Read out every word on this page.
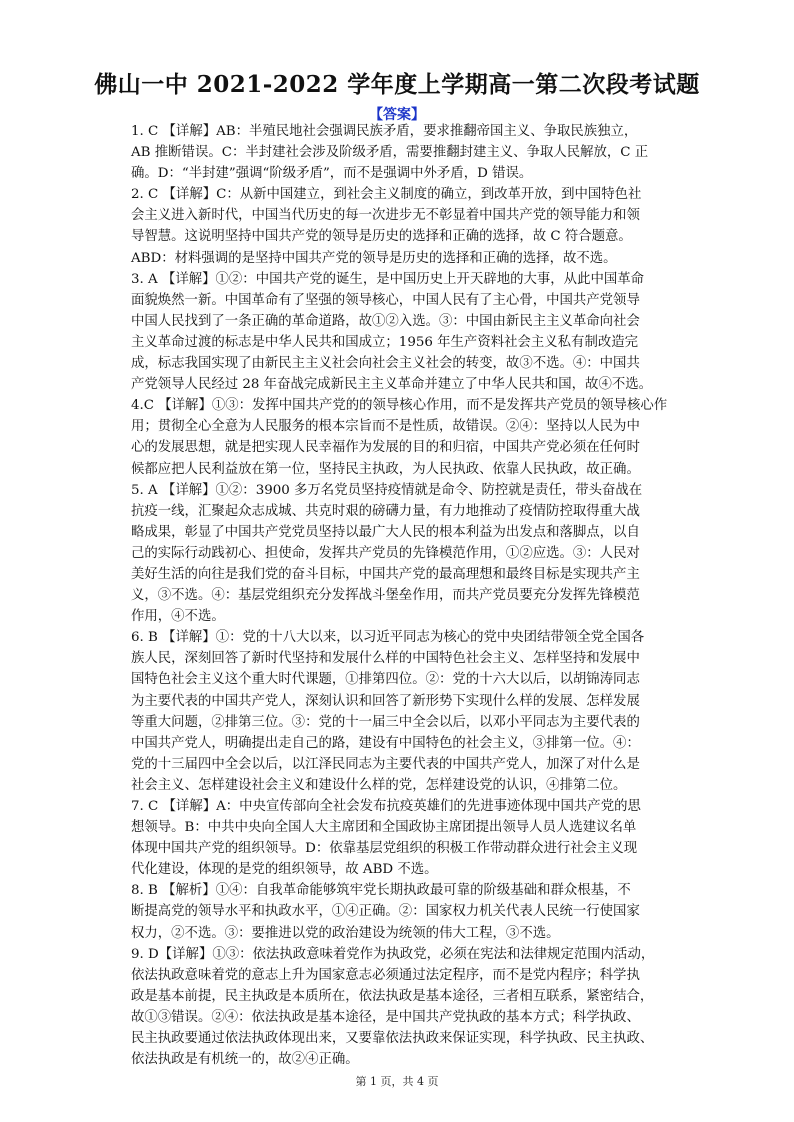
佛山一中 2021-2022 学年度上学期高一第二次段考试题
【答案】
1. C 【详解】AB：半殖民地社会强调民族矛盾，要求推翻帝国主义、争取民族独立，
AB 推断错误。C：半封建社会涉及阶级矛盾，需要推翻封建主义、争取人民解放，C 正
确。D：“半封建”强调“阶级矛盾”，而不是强调中外矛盾，D 错误。
2. C 【详解】C：从新中国建立，到社会主义制度的确立，到改革开放，到中国特色社
会主义进入新时代，中国当代历史的每一次进步无不彰显着中国共产党的领导能力和领
导智慧。这说明坚持中国共产党的领导是历史的选择和正确的选择，故 C 符合题意。
ABD：材料强调的是坚持中国共产党的领导是历史的选择和正确的选择，故不选。
3. A 【详解】①②：中国共产党的诞生，是中国历史上开天辟地的大事，从此中国革命
面貌焕然一新。中国革命有了坚强的领导核心，中国人民有了主心骨，中国共产党领导
中国人民找到了一条正确的革命道路，故①②入选。③：中国由新民主主义革命向社会
主义革命过渡的标志是中华人民共和国成立；1956 年生产资料社会主义私有制改造完
成，标志我国实现了由新民主主义社会向社会主义社会的转变，故③不选。④：中国共
产党领导人民经过 28 年奋战完成新民主主义革命并建立了中华人民共和国，故④不选。
4.C 【详解】①③：发挥中国共产党的的领导核心作用，而不是发挥共产党员的领导核心作
用；贯彻全心全意为人民服务的根本宗旨而不是性质，故错误。②④：坚持以人民为中
心的发展思想，就是把实现人民幸福作为发展的目的和归宿，中国共产党必须在任何时
候都应把人民利益放在第一位，坚持民主执政，为人民执政、依靠人民执政，故正确。
5. A 【详解】①②：3900 多万名党员坚持疫情就是命令、防控就是责任，带头奋战在
抗疫一线，汇聚起众志成城、共克时艰的磅礴力量，有力地推动了疫情防控取得重大战
略成果，彰显了中国共产党党员坚持以最广大人民的根本利益为出发点和落脚点，以自
己的实际行动践初心、担使命，发挥共产党员的先锋模范作用，①②应选。③：人民对
美好生活的向往是我们党的奋斗目标，中国共产党的最高理想和最终目标是实现共产主
义，③不选。④：基层党组织充分发挥战斗堡垒作用，而共产党员要充分发挥先锋模范
作用，④不选。
6. B 【详解】①：党的十八大以来，以习近平同志为核心的党中央团结带领全党全国各
族人民，深刻回答了新时代坚持和发展什么样的中国特色社会主义、怎样坚持和发展中
国特色社会主义这个重大时代课题，①排第四位。②：党的十六大以后，以胡锦涛同志
为主要代表的中国共产党人，深刻认识和回答了新形势下实现什么样的发展、怎样发展
等重大问题，②排第三位。③：党的十一届三中全会以后，以邓小平同志为主要代表的
中国共产党人，明确提出走自己的路，建设有中国特色的社会主义，③排第一位。④：
党的十三届四中全会以后，以江泽民同志为主要代表的中国共产党人，加深了对什么是
社会主义、怎样建设社会主义和建设什么样的党，怎样建设党的认识，④排第二位。
7. C 【详解】A：中央宣传部向全社会发布抗疫英雄们的先进事迹体现中国共产党的思
想领导。B：中共中央向全国人大主席团和全国政协主席团提出领导人员人选建议名单
体现中国共产党的组织领导。D：依靠基层党组织的积极工作带动群众进行社会主义现
代化建设，体现的是党的组织领导，故 ABD 不选。
8. B 【解析】①④：自我革命能够筑牢党长期执政最可靠的阶级基础和群众根基，不
断提高党的领导水平和执政水平，①④正确。②：国家权力机关代表人民统一行使国家
权力，②不选。③：要推进以党的政治建设为统领的伟大工程，③不选。
9. D【详解】①③：依法执政意味着党作为执政党，必须在宪法和法律规定范围内活动，
依法执政意味着党的意志上升为国家意志必须通过法定程序，而不是党内程序；科学执
政是基本前提，民主执政是本质所在，依法执政是基本途径，三者相互联系，紧密结合，
故①③错误。②④：依法执政是基本途径，是中国共产党执政的基本方式；科学执政、
民主执政要通过依法执政体现出来，又要靠依法执政来保证实现，科学执政、民主执政、
依法执政是有机统一的，故②④正确。
第 1 页，共 4 页
